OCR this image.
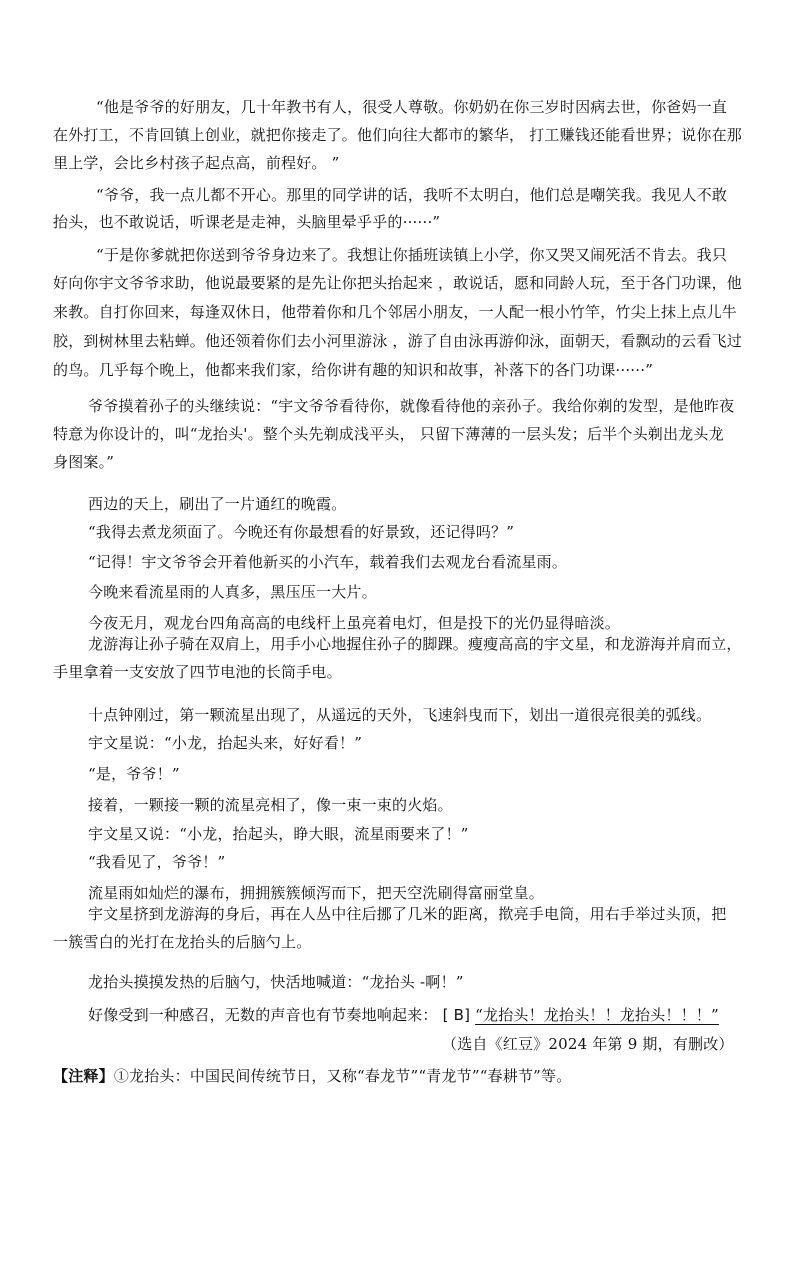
“他是爷爷的好朋友，几十年教书有人，很受人尊敬。你奶奶在你三岁时因病去世，你爸妈一直
在外打工，不肯回镇上创业，就把你接走了。他们向往大都市的繁华， 打工赚钱还能看世界；说你在那
里上学，会比乡村孩子起点高，前程好。 ”
“爷爷，我一点儿都不开心。那里的同学讲的话，我听不太明白，他们总是嘲笑我。我见人不敢
抬头，也不敢说话，听课老是走神，头脑里晕乎乎的······”
“于是你爹就把你送到爷爷身边来了。我想让你插班读镇上小学，你又哭又闹死活不肯去。我只
好向你宇文爷爷求助，他说最要紧的是先让你把头抬起来 ，敢说话，愿和同龄人玩，至于各门功课，他
来教。自打你回来，每逢双休日，他带着你和几个邻居小朋友，一人配一根小竹竿，竹尖上抹上点儿牛
胶，到树林里去粘蝉。他还领着你们去小河里游泳 ，游了自由泳再游仰泳，面朝天，看飘动的云看飞过
的鸟。几乎每个晚上，他都来我们家，给你讲有趣的知识和故事，补落下的各门功课······”
爷爷摸着孙子的头继续说：“宇文爷爷看待你，就像看待他的亲孙子。我给你剃的发型，是他昨夜
特意为你设计的，叫“龙抬头'。整个头先剃成浅平头， 只留下薄薄的一层头发；后半个头剃出龙头龙
身图案。”
西边的天上，刷出了一片通红的晚霞。
“我得去煮龙须面了。今晚还有你最想看的好景致，还记得吗？”
“记得！宇文爷爷会开着他新买的小汽车，载着我们去观龙台看流星雨。
今晚来看流星雨的人真多，黑压压一大片。
今夜无月，观龙台四角高高的电线杆上虽亮着电灯，但是投下的光仍显得暗淡。
龙游海让孙子骑在双肩上，用手小心地握住孙子的脚踝。瘦瘦高高的宇文星，和龙游海并肩而立，
手里拿着一支安放了四节电池的长筒手电。
十点钟刚过，第一颗流星出现了，从遥远的天外，飞速斜曳而下，划出一道很亮很美的弧线。
宇文星说：“小龙，抬起头来，好好看！”
“是，爷爷！”
接着，一颗接一颗的流星亮相了，像一束一束的火焰。
宇文星又说：“小龙，抬起头，睁大眼，流星雨要来了！”
“我看见了，爷爷！”
流星雨如灿烂的瀑布，拥拥簇簇倾泻而下，把天空洗刷得富丽堂皇。
宇文星挤到龙游海的身后，再在人丛中往后挪了几米的距离，揿亮手电筒，用右手举过头顶，把
一簇雪白的光打在龙抬头的后脑勺上。
龙抬头摸摸发热的后脑勺，快活地喊道：“龙抬头 -啊！”
好像受到一种感召，无数的声音也有节奏地响起来： [ B] “龙抬头！龙抬头！！龙抬头！！！”
（选自《红豆》2024 年第 9 期，有删改）
【注释】①龙抬头：中国民间传统节日，又称“春龙节”“青龙节”“春耕节”等。
